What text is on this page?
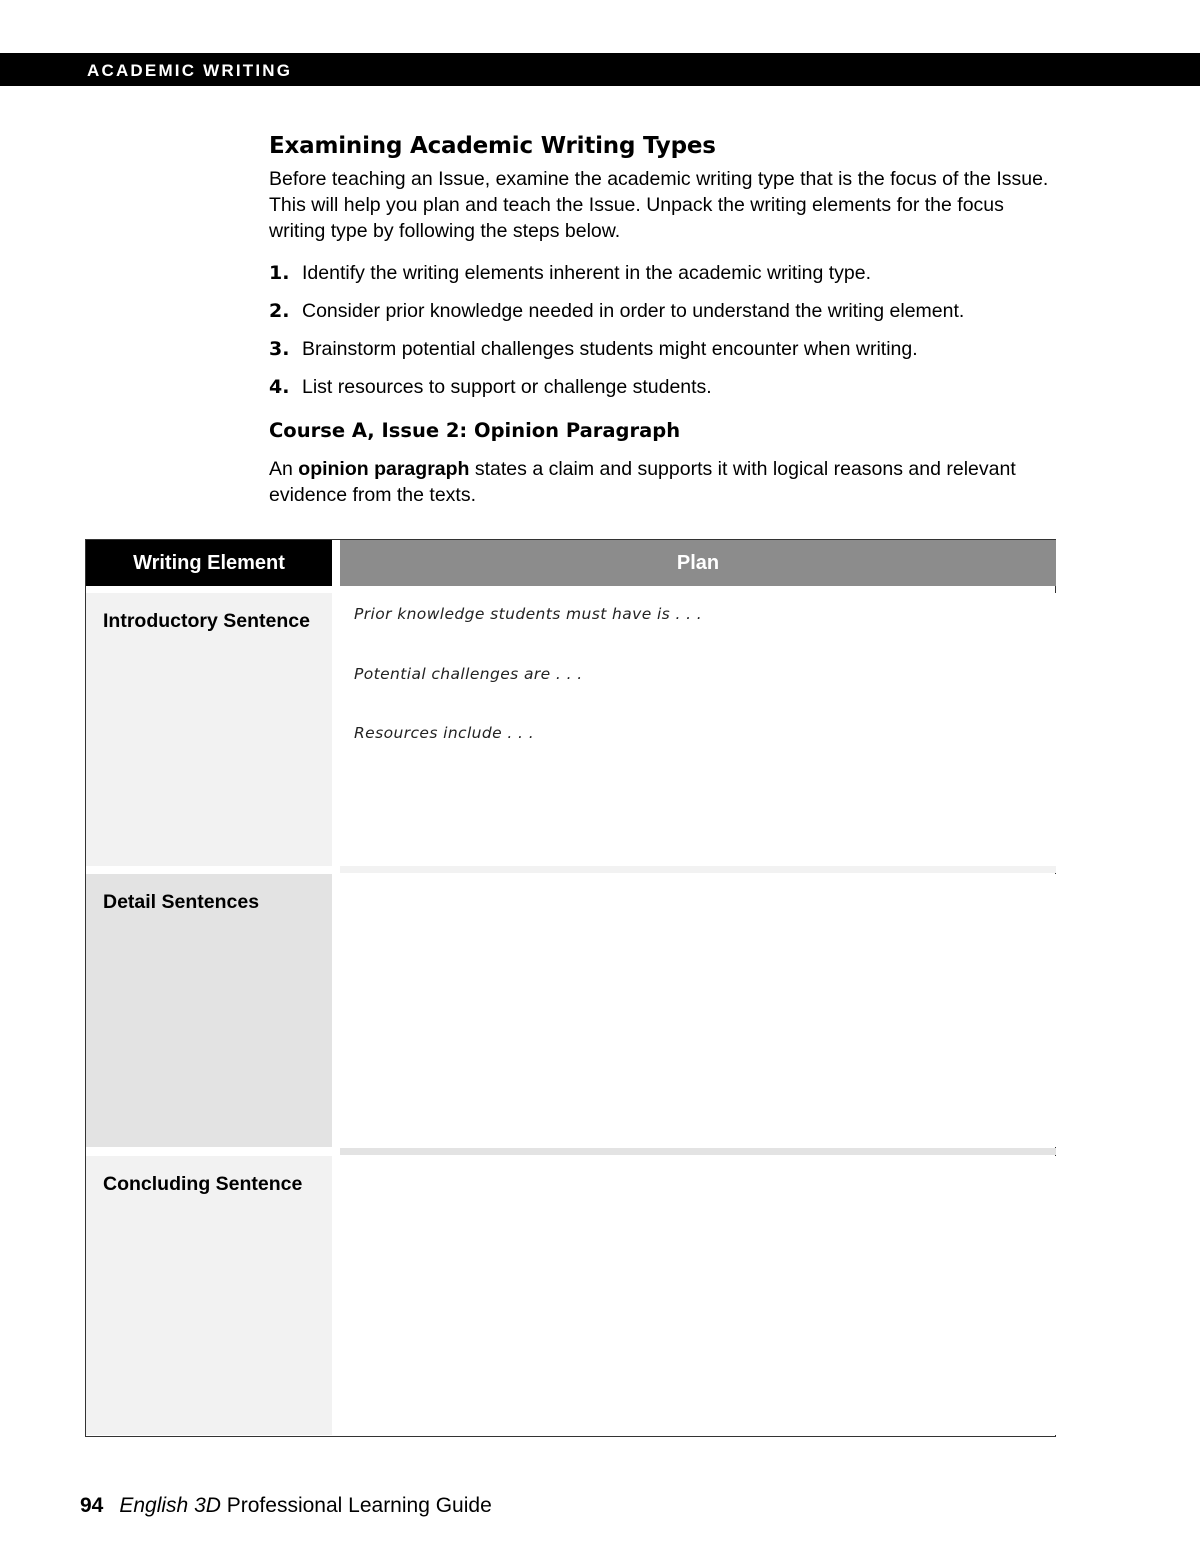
ACADEMIC WRITING
Examining Academic Writing Types

Before teaching an Issue, examine the academic writing type that is the focus of the Issue. This will help you plan and teach the Issue. Unpack the writing elements for the focus writing type by following the steps below.

1. Identify the writing elements inherent in the academic writing type.
2. Consider prior knowledge needed in order to understand the writing element.
3. Brainstorm potential challenges students might encounter when writing.
4. List resources to support or challenge students.
Course A, Issue 2: Opinion Paragraph

An opinion paragraph states a claim and supports it with logical reasons and relevant evidence from the texts.

Writing Element	Plan
Introductory Sentence	Prior knowledge students must have is . . .
Potential challenges are . . .
Resources include . . .
Detail Sentences
Concluding Sentence
94 English 3D Professional Learning Guide
